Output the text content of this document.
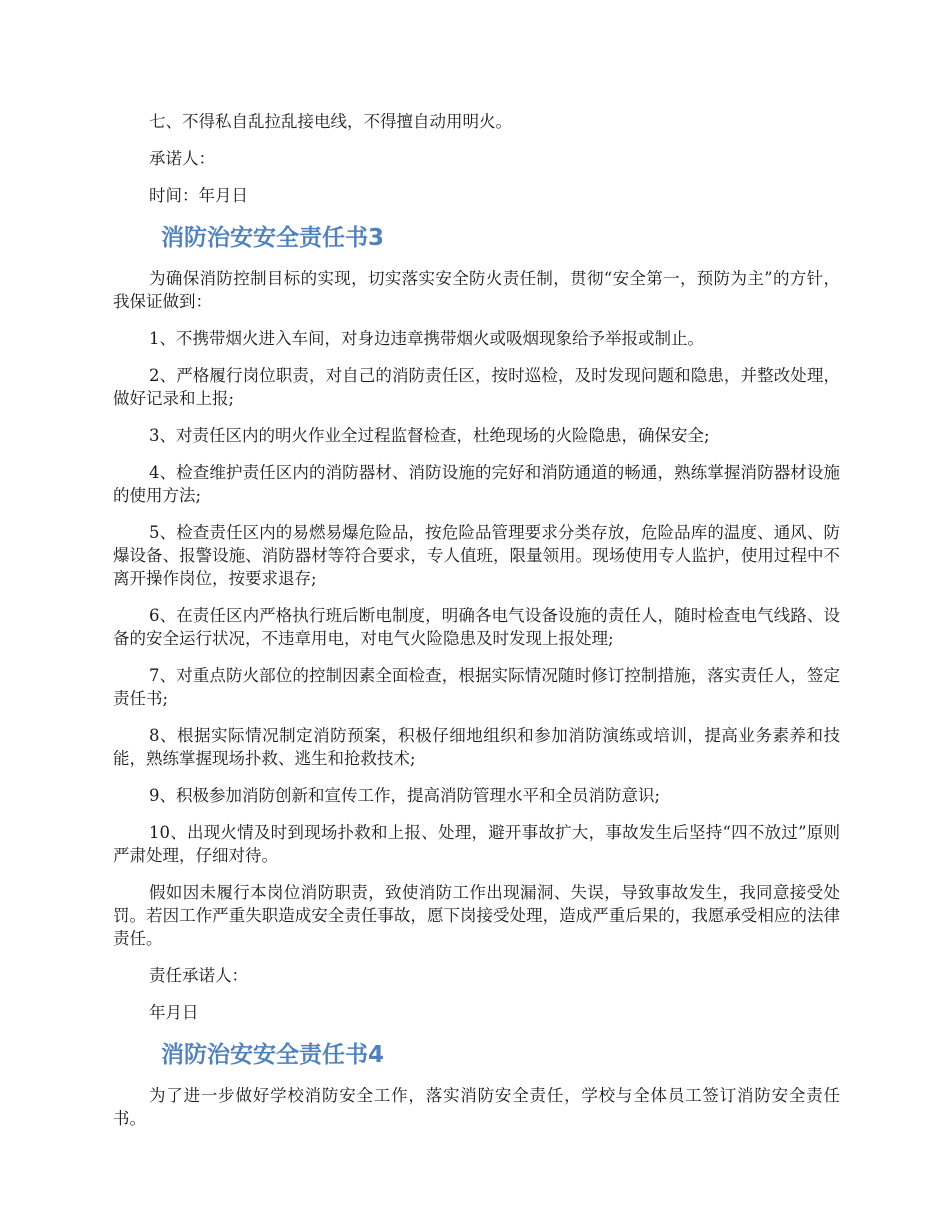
七、不得私自乱拉乱接电线，不得擅自动用明火。

承诺人：

时间：年月日

消防治安安全责任书3

为确保消防控制目标的实现，切实落实安全防火责任制，贯彻“安全第一，预防为主”的方针，我保证做到：

1、不携带烟火进入车间，对身边违章携带烟火或吸烟现象给予举报或制止。

2、严格履行岗位职责，对自己的消防责任区，按时巡检，及时发现问题和隐患，并整改处理，做好记录和上报;

3、对责任区内的明火作业全过程监督检查，杜绝现场的火险隐患，确保安全;

4、检查维护责任区内的消防器材、消防设施的完好和消防通道的畅通，熟练掌握消防器材设施的使用方法;

5、检查责任区内的易燃易爆危险品，按危险品管理要求分类存放，危险品库的温度、通风、防爆设备、报警设施、消防器材等符合要求，专人值班，限量领用。现场使用专人监护，使用过程中不离开操作岗位，按要求退存;

6、在责任区内严格执行班后断电制度，明确各电气设备设施的责任人，随时检查电气线路、设备的安全运行状况，不违章用电，对电气火险隐患及时发现上报处理;

7、对重点防火部位的控制因素全面检查，根据实际情况随时修订控制措施，落实责任人，签定责任书;

8、根据实际情况制定消防预案，积极仔细地组织和参加消防演练或培训，提高业务素养和技能，熟练掌握现场扑救、逃生和抢救技术;

9、积极参加消防创新和宣传工作，提高消防管理水平和全员消防意识;

10、出现火情及时到现场扑救和上报、处理，避开事故扩大，事故发生后坚持“四不放过”原则严肃处理，仔细对待。

假如因未履行本岗位消防职责，致使消防工作出现漏洞、失误，导致事故发生，我同意接受处罚。若因工作严重失职造成安全责任事故，愿下岗接受处理，造成严重后果的，我愿承受相应的法律责任。

责任承诺人：

年月日

消防治安安全责任书4

为了进一步做好学校消防安全工作，落实消防安全责任，学校与全体员工签订消防安全责任书。
